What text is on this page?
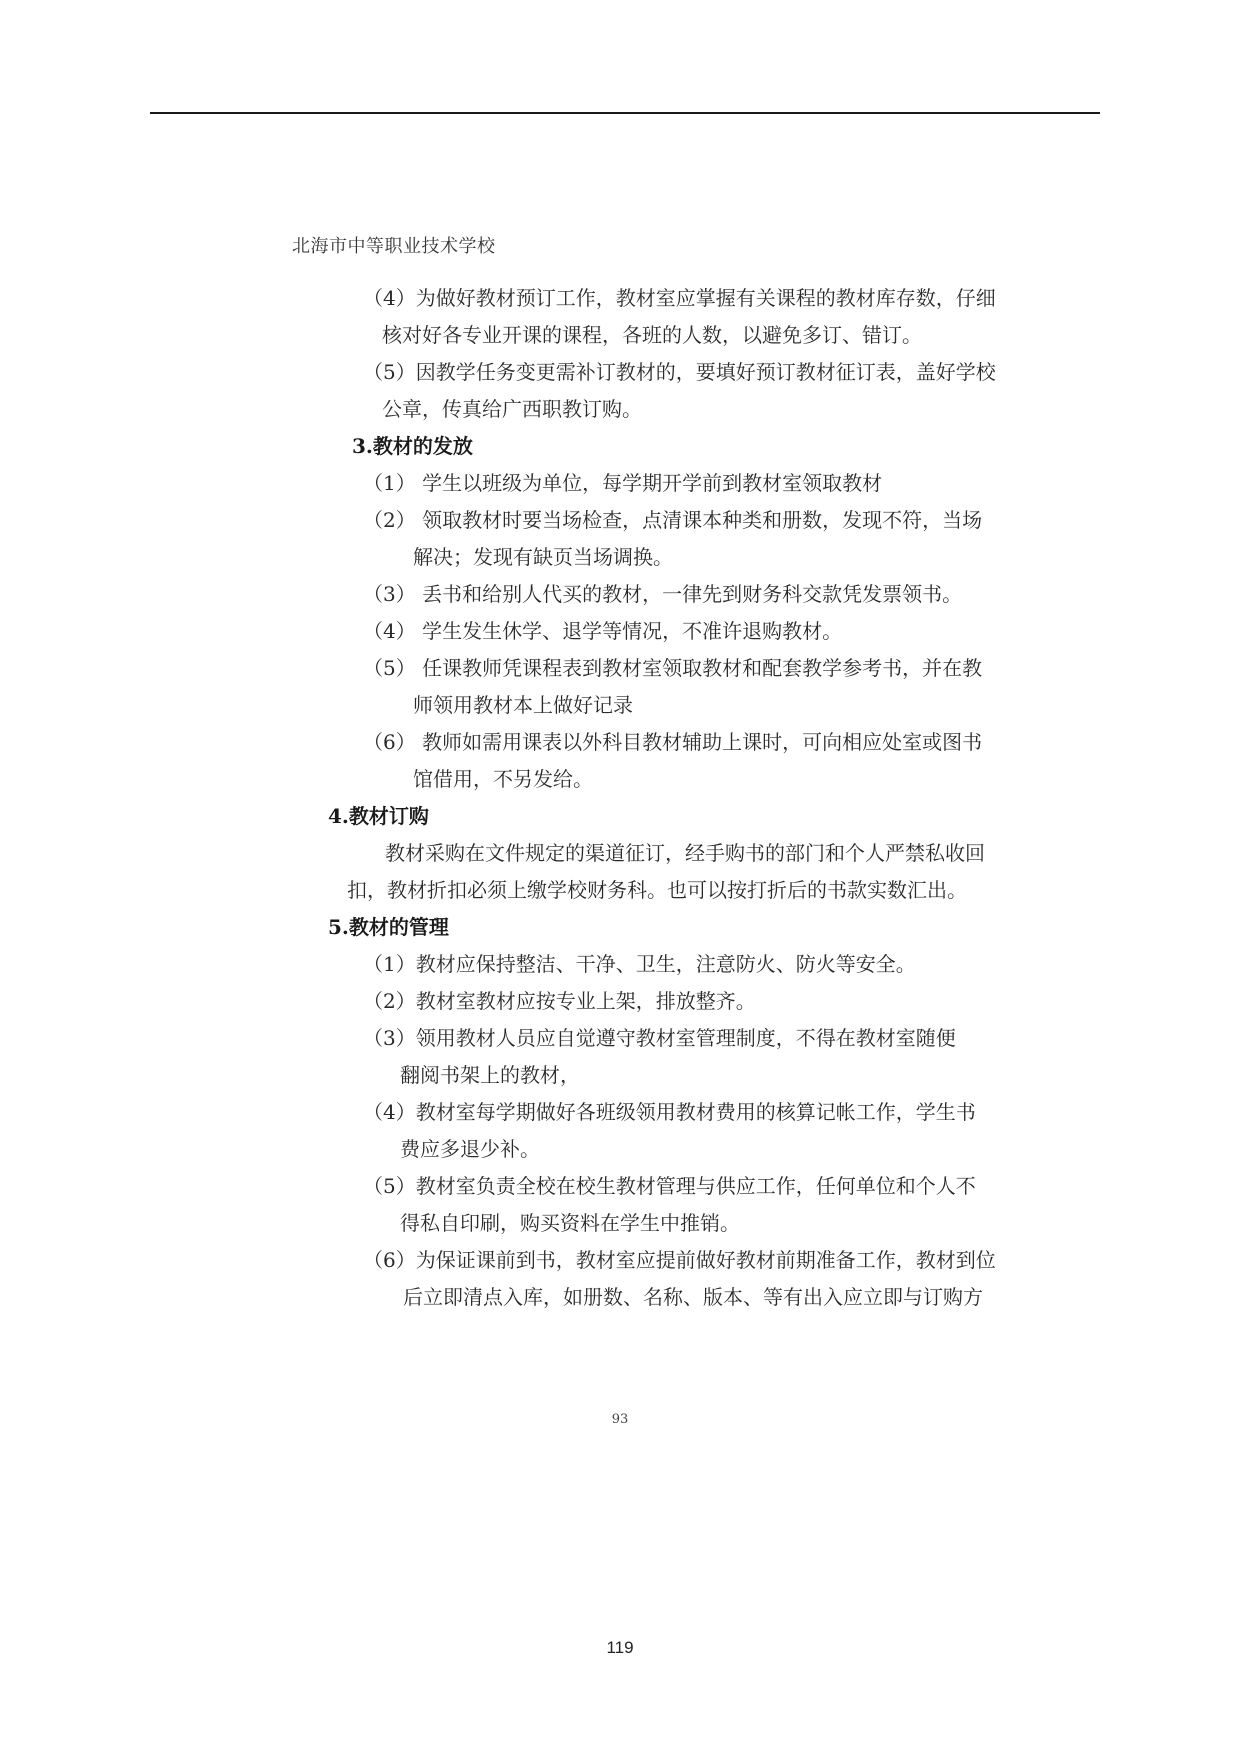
北海市中等职业技术学校
（4）为做好教材预订工作，教材室应掌握有关课程的教材库存数，仔细
核对好各专业开课的课程，各班的人数，以避免多订、错订。
（5）因教学任务变更需补订教材的，要填好预订教材征订表，盖好学校
公章，传真给广西职教订购。
3.教材的发放
（1） 学生以班级为单位，每学期开学前到教材室领取教材
（2） 领取教材时要当场检查，点清课本种类和册数，发现不符，当场
解决；发现有缺页当场调换。
（3） 丢书和给别人代买的教材，一律先到财务科交款凭发票领书。
（4） 学生发生休学、退学等情况，不准许退购教材。
（5） 任课教师凭课程表到教材室领取教材和配套教学参考书，并在教
师领用教材本上做好记录
（6） 教师如需用课表以外科目教材辅助上课时，可向相应处室或图书
馆借用，不另发给。
4.教材订购
教材采购在文件规定的渠道征订，经手购书的部门和个人严禁私收回
扣，教材折扣必须上缴学校财务科。也可以按打折后的书款实数汇出。
5.教材的管理
（1）教材应保持整洁、干净、卫生，注意防火、防火等安全。
（2）教材室教材应按专业上架，排放整齐。
（3）领用教材人员应自觉遵守教材室管理制度，不得在教材室随便
翻阅书架上的教材，
（4）教材室每学期做好各班级领用教材费用的核算记帐工作，学生书
费应多退少补。
（5）教材室负责全校在校生教材管理与供应工作，任何单位和个人不
得私自印刷，购买资料在学生中推销。
（6）为保证课前到书，教材室应提前做好教材前期准备工作，教材到位
后立即清点入库，如册数、名称、版本、等有出入应立即与订购方
93
119
